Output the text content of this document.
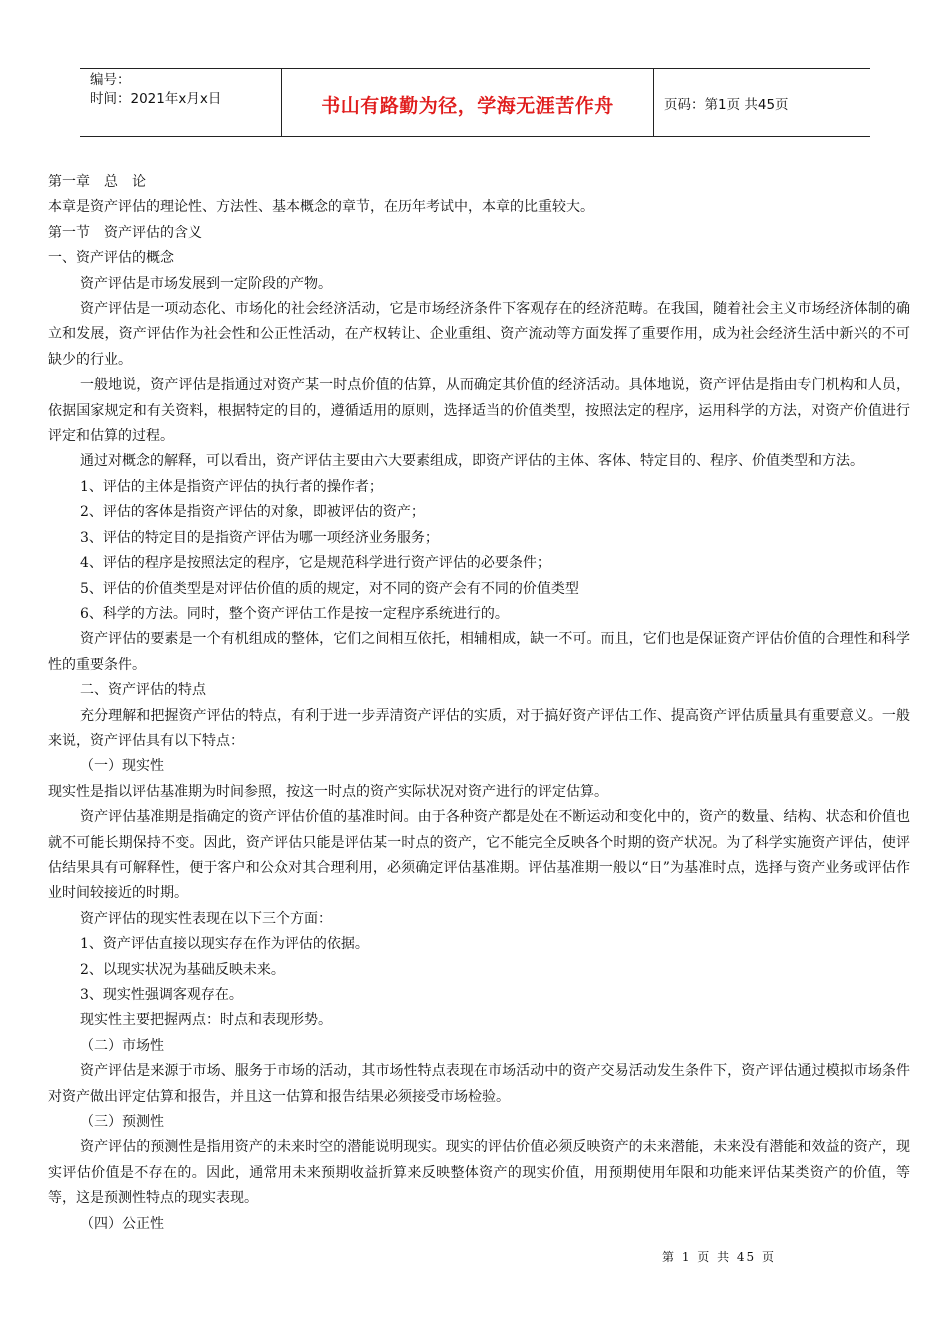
编号：
时间：2021年x月x日	书山有路勤为径，学海无涯苦作舟	页码：第1页 共45页

第一章　总　论

本章是资产评估的理论性、方法性、基本概念的章节，在历年考试中，本章的比重较大。

第一节　资产评估的含义

一、资产评估的概念

资产评估是市场发展到一定阶段的产物。

资产评估是一项动态化、市场化的社会经济活动，它是市场经济条件下客观存在的经济范畴。在我国，随着社会主义市场经济体制的确立和发展，资产评估作为社会性和公正性活动，在产权转让、企业重组、资产流动等方面发挥了重要作用，成为社会经济生活中新兴的不可缺少的行业。

一般地说，资产评估是指通过对资产某一时点价值的估算，从而确定其价值的经济活动。具体地说，资产评估是指由专门机构和人员，依据国家规定和有关资料，根据特定的目的，遵循适用的原则，选择适当的价值类型，按照法定的程序，运用科学的方法，对资产价值进行评定和估算的过程。

通过对概念的解释，可以看出，资产评估主要由六大要素组成，即资产评估的主体、客体、特定目的、程序、价值类型和方法。

1、评估的主体是指资产评估的执行者的操作者；

2、评估的客体是指资产评估的对象，即被评估的资产；

3、评估的特定目的是指资产评估为哪一项经济业务服务；

4、评估的程序是按照法定的程序，它是规范科学进行资产评估的必要条件；

5、评估的价值类型是对评估价值的质的规定，对不同的资产会有不同的价值类型

6、科学的方法。同时，整个资产评估工作是按一定程序系统进行的。

资产评估的要素是一个有机组成的整体，它们之间相互依托，相辅相成，缺一不可。而且，它们也是保证资产评估价值的合理性和科学性的重要条件。

二、资产评估的特点

充分理解和把握资产评估的特点，有利于进一步弄清资产评估的实质，对于搞好资产评估工作、提高资产评估质量具有重要意义。一般来说，资产评估具有以下特点：

（一）现实性

现实性是指以评估基准期为时间参照，按这一时点的资产实际状况对资产进行的评定估算。

资产评估基准期是指确定的资产评估价值的基准时间。由于各种资产都是处在不断运动和变化中的，资产的数量、结构、状态和价值也就不可能长期保持不变。因此，资产评估只能是评估某一时点的资产，它不能完全反映各个时期的资产状况。为了科学实施资产评估，使评估结果具有可解释性，便于客户和公众对其合理利用，必须确定评估基准期。评估基准期一般以“日”为基准时点，选择与资产业务或评估作业时间较接近的时期。

资产评估的现实性表现在以下三个方面：

1、资产评估直接以现实存在作为评估的依据。

2、以现实状况为基础反映未来。

3、现实性强调客观存在。

现实性主要把握两点：时点和表现形势。

（二）市场性

资产评估是来源于市场、服务于市场的活动，其市场性特点表现在市场活动中的资产交易活动发生条件下，资产评估通过模拟市场条件对资产做出评定估算和报告，并且这一估算和报告结果必须接受市场检验。

（三）预测性

资产评估的预测性是指用资产的未来时空的潜能说明现实。现实的评估价值必须反映资产的未来潜能，未来没有潜能和效益的资产，现实评估价值是不存在的。因此，通常用未来预期收益折算来反映整体资产的现实价值，用预期使用年限和功能来评估某类资产的价值，等等，这是预测性特点的现实表现。

（四）公正性

第 1 页 共 45 页
